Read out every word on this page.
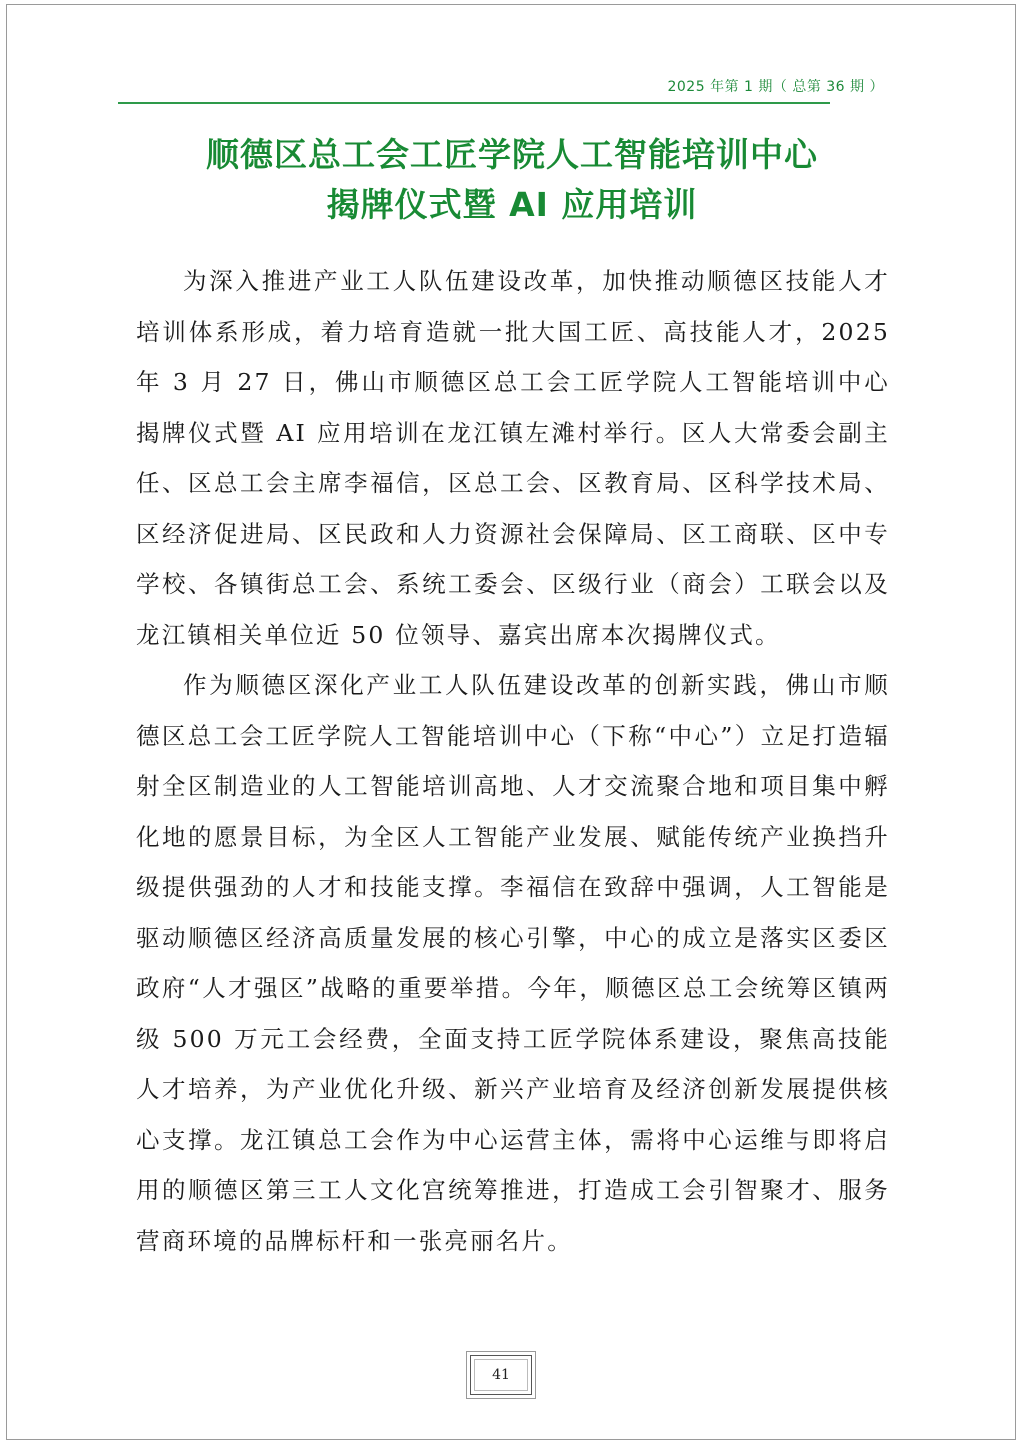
2025 年第 1 期（ 总第 36 期 ）
顺德区总工会工匠学院人工智能培训中心
揭牌仪式暨 AI 应用培训

为深入推进产业工人队伍建设改革，加快推动顺德区技能人才培训体系形成，着力培育造就一批大国工匠、高技能人才，2025 年 3 月 27 日，佛山市顺德区总工会工匠学院人工智能培训中心揭牌仪式暨 AI 应用培训在龙江镇左滩村举行。区人大常委会副主任、区总工会主席李福信，区总工会、区教育局、区科学技术局、区经济促进局、区民政和人力资源社会保障局、区工商联、区中专学校、各镇街总工会、系统工委会、区级行业（商会）工联会以及龙江镇相关单位近 50 位领导、嘉宾出席本次揭牌仪式。

作为顺德区深化产业工人队伍建设改革的创新实践，佛山市顺德区总工会工匠学院人工智能培训中心（下称“中心”）立足打造辐射全区制造业的人工智能培训高地、人才交流聚合地和项目集中孵化地的愿景目标，为全区人工智能产业发展、赋能传统产业换挡升级提供强劲的人才和技能支撑。李福信在致辞中强调，人工智能是驱动顺德区经济高质量发展的核心引擎，中心的成立是落实区委区政府“人才强区”战略的重要举措。今年，顺德区总工会统筹区镇两级 500 万元工会经费，全面支持工匠学院体系建设，聚焦高技能人才培养，为产业优化升级、新兴产业培育及经济创新发展提供核心支撑。龙江镇总工会作为中心运营主体，需将中心运维与即将启用的顺德区第三工人文化宫统筹推进，打造成工会引智聚才、服务营商环境的品牌标杆和一张亮丽名片。

41
